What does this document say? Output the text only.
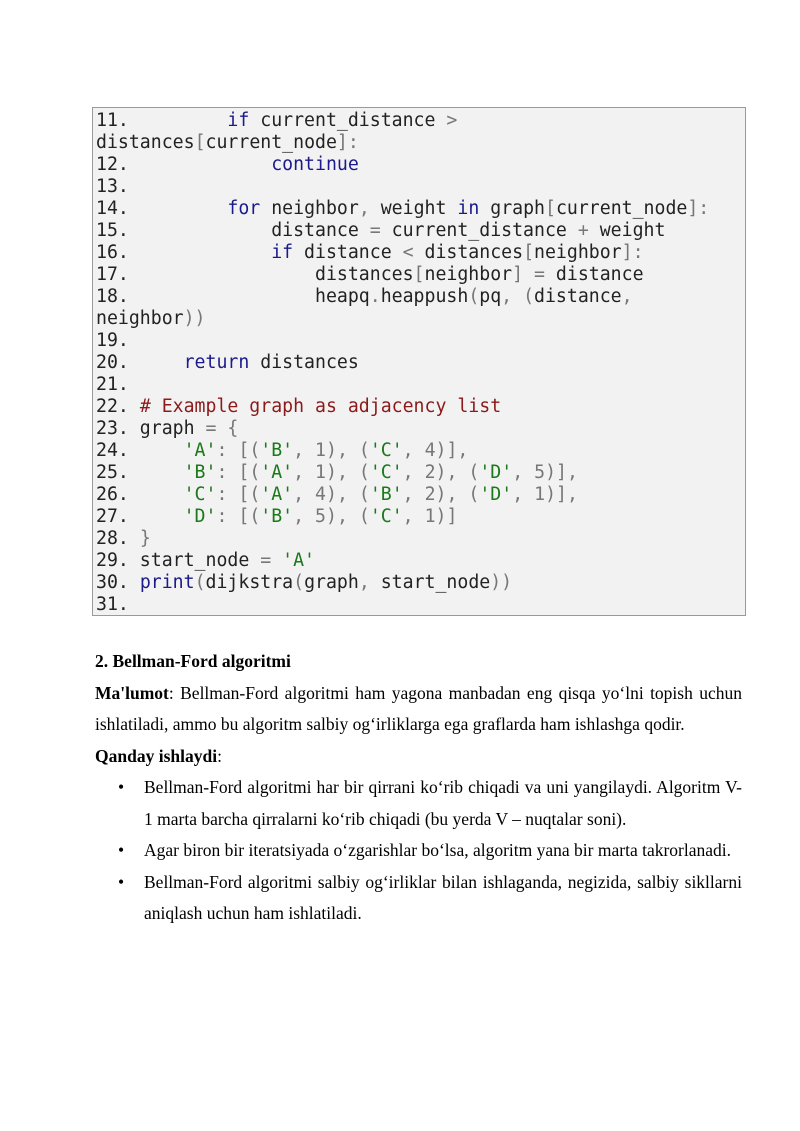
11.         if current_distance >
distances[current_node]:
12.             continue
13.
14.         for neighbor, weight in graph[current_node]:
15.             distance = current_distance + weight
16.             if distance < distances[neighbor]:
17.                 distances[neighbor] = distance
18.                 heapq.heappush(pq, (distance,
neighbor))
19.
20.     return distances
21.
22. # Example graph as adjacency list
23. graph = {
24.     'A': [('B', 1), ('C', 4)],
25.     'B': [('A', 1), ('C', 2), ('D', 5)],
26.     'C': [('A', 4), ('B', 2), ('D', 1)],
27.     'D': [('B', 5), ('C', 1)]
28. }
29. start_node = 'A'
30. print(dijkstra(graph, start_node))
31.

2. Bellman-Ford algoritmi

Ma'lumot: Bellman-Ford algoritmi ham yagona manbadan eng qisqa yo‘lni topish uchun ishlatiladi, ammo bu algoritm salbiy og‘irliklarga ega graflarda ham ishlashga qodir.

Qanday ishlaydi:

• Bellman-Ford algoritmi har bir qirrani ko‘rib chiqadi va uni yangilaydi. Algoritm V-1 marta barcha qirralarni ko‘rib chiqadi (bu yerda V – nuqtalar soni).
• Agar biron bir iteratsiyada o‘zgarishlar bo‘lsa, algoritm yana bir marta takrorlanadi.
• Bellman-Ford algoritmi salbiy og‘irliklar bilan ishlaganda, negizida, salbiy sikllarni aniqlash uchun ham ishlatiladi.
